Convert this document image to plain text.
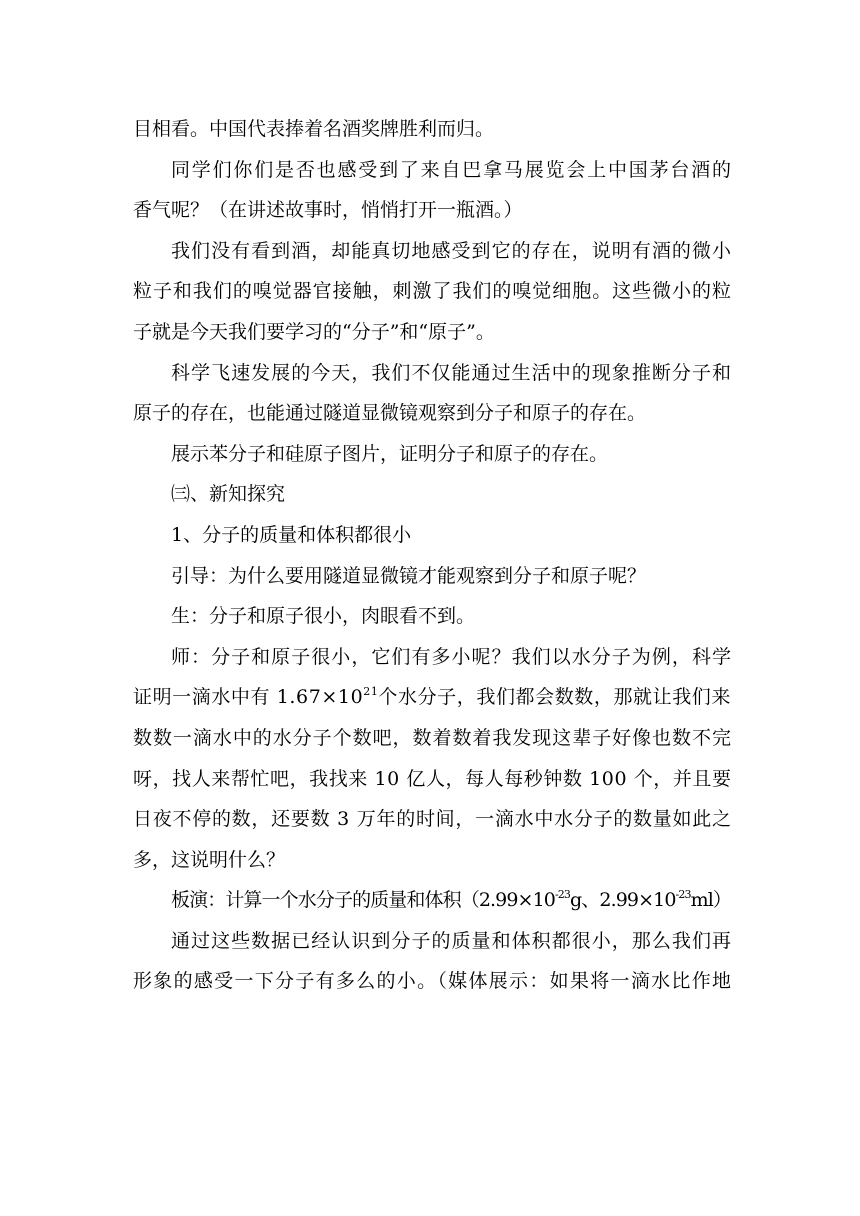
目相看。中国代表捧着名酒奖牌胜利而归。
同学们你们是否也感受到了来自巴拿马展览会上中国茅台酒的
香气呢？（在讲述故事时，悄悄打开一瓶酒。）
我们没有看到酒，却能真切地感受到它的存在，说明有酒的微小
粒子和我们的嗅觉器官接触，刺激了我们的嗅觉细胞。这些微小的粒
子就是今天我们要学习的“分子”和“原子”。
科学飞速发展的今天，我们不仅能通过生活中的现象推断分子和
原子的存在，也能通过隧道显微镜观察到分子和原子的存在。
展示苯分子和硅原子图片，证明分子和原子的存在。
㈢、新知探究
1、分子的质量和体积都很小
引导：为什么要用隧道显微镜才能观察到分子和原子呢？
生：分子和原子很小，肉眼看不到。
师：分子和原子很小，它们有多小呢？我们以水分子为例，科学
证明一滴水中有 $1.67\times 10^{21}$个水分子，我们都会数数，那就让我们来
数数一滴水中的水分子个数吧，数着数着我发现这辈子好像也数不完
呀，找人来帮忙吧，我找来 10 亿人，每人每秒钟数 100 个，并且要
日夜不停的数，还要数 3 万年的时间，一滴水中水分子的数量如此之
多，这说明什么？
板演：计算一个水分子的质量和体积（$2.99\times 10^{-23}g$、$2.99\times 10^{-23}ml$）
通过这些数据已经认识到分子的质量和体积都很小，那么我们再
形象的感受一下分子有多么的小。（媒体展示：如果将一滴水比作地
